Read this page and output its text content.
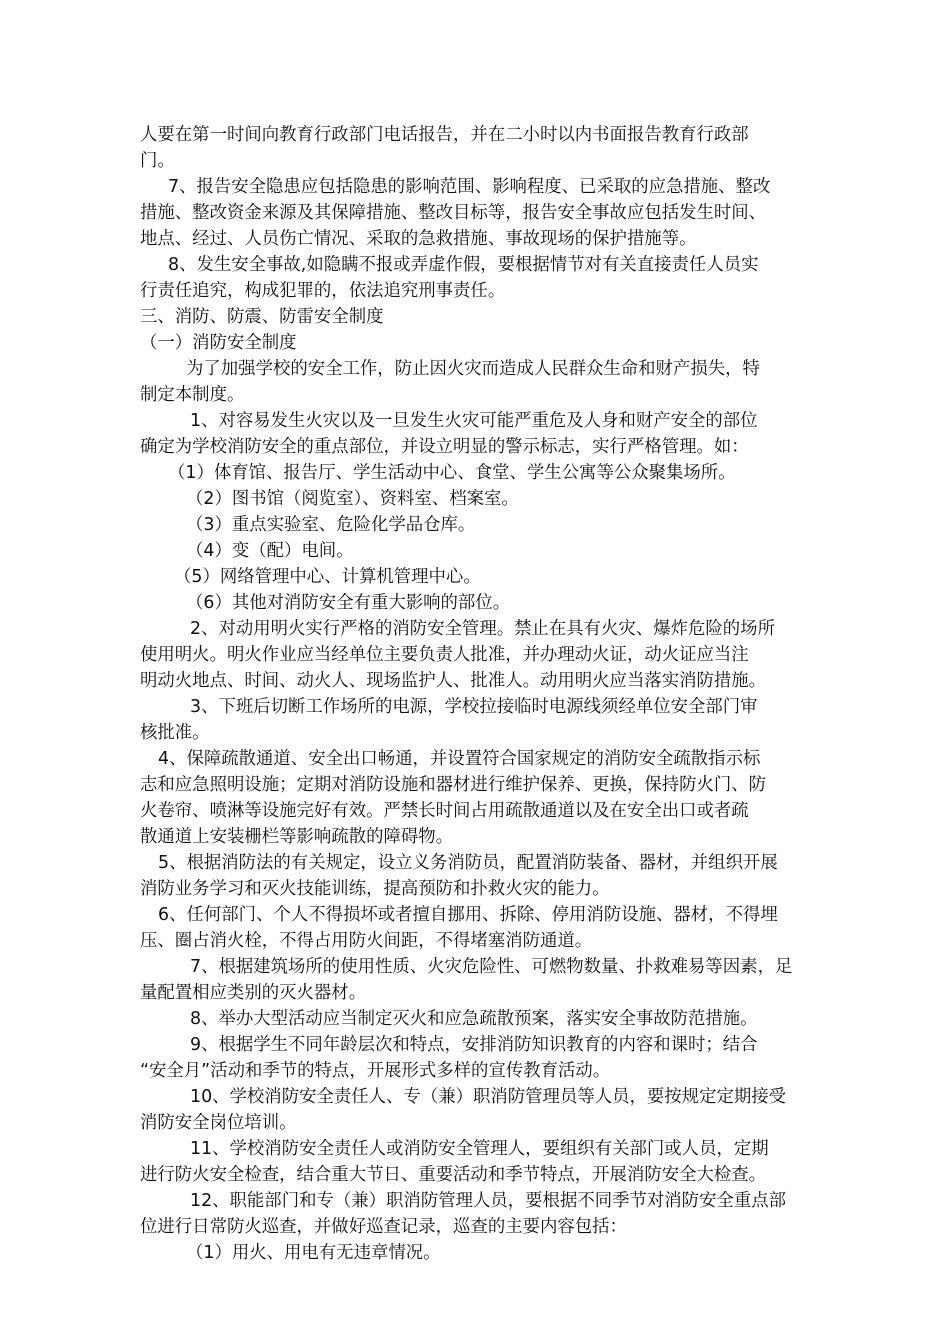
人要在第一时间向教育行政部门电话报告，并在二小时以内书面报告教育行政部
门。
7、报告安全隐患应包括隐患的影响范围、影响程度、已采取的应急措施、整改
措施、整改资金来源及其保障措施、整改目标等，报告安全事故应包括发生时间、
地点、经过、人员伤亡情况、采取的急救措施、事故现场的保护措施等。
8、发生安全事故,如隐瞒不报或弄虚作假，要根据情节对有关直接责任人员实
行责任追究，构成犯罪的，依法追究刑事责任。
三、消防、防震、防雷安全制度
（一）消防安全制度
为了加强学校的安全工作，防止因火灾而造成人民群众生命和财产损失，特
制定本制度。
1、对容易发生火灾以及一旦发生火灾可能严重危及人身和财产安全的部位
确定为学校消防安全的重点部位，并设立明显的警示标志，实行严格管理。如：
（1）体育馆、报告厅、学生活动中心、食堂、学生公寓等公众聚集场所。
（2）图书馆（阅览室）、资料室、档案室。
（3）重点实验室、危险化学品仓库。
（4）变（配）电间。
（5）网络管理中心、计算机管理中心。
（6）其他对消防安全有重大影响的部位。
2、对动用明火实行严格的消防安全管理。禁止在具有火灾、爆炸危险的场所
使用明火。明火作业应当经单位主要负责人批准，并办理动火证，动火证应当注
明动火地点、时间、动火人、现场监护人、批准人。动用明火应当落实消防措施。
3、下班后切断工作场所的电源，学校拉接临时电源线须经单位安全部门审
核批准。
4、保障疏散通道、安全出口畅通，并设置符合国家规定的消防安全疏散指示标
志和应急照明设施；定期对消防设施和器材进行维护保养、更换，保持防火门、防
火卷帘、喷淋等设施完好有效。严禁长时间占用疏散通道以及在安全出口或者疏
散通道上安装栅栏等影响疏散的障碍物。
5、根据消防法的有关规定，设立义务消防员，配置消防装备、器材，并组织开展
消防业务学习和灭火技能训练，提高预防和扑救火灾的能力。
6、任何部门、个人不得损坏或者擅自挪用、拆除、停用消防设施、器材，不得埋
压、圈占消火栓，不得占用防火间距，不得堵塞消防通道。
7、根据建筑场所的使用性质、火灾危险性、可燃物数量、扑救难易等因素，足
量配置相应类别的灭火器材。
8、举办大型活动应当制定灭火和应急疏散预案，落实安全事故防范措施。
9、根据学生不同年龄层次和特点，安排消防知识教育的内容和课时；结合
“安全月”活动和季节的特点，开展形式多样的宣传教育活动。
10、学校消防安全责任人、专（兼）职消防管理员等人员，要按规定定期接受
消防安全岗位培训。
11、学校消防安全责任人或消防安全管理人，要组织有关部门或人员，定期
进行防火安全检查，结合重大节日、重要活动和季节特点，开展消防安全大检查。
12、职能部门和专（兼）职消防管理人员，要根据不同季节对消防安全重点部
位进行日常防火巡查，并做好巡查记录，巡查的主要内容包括：
（1）用火、用电有无违章情况。
